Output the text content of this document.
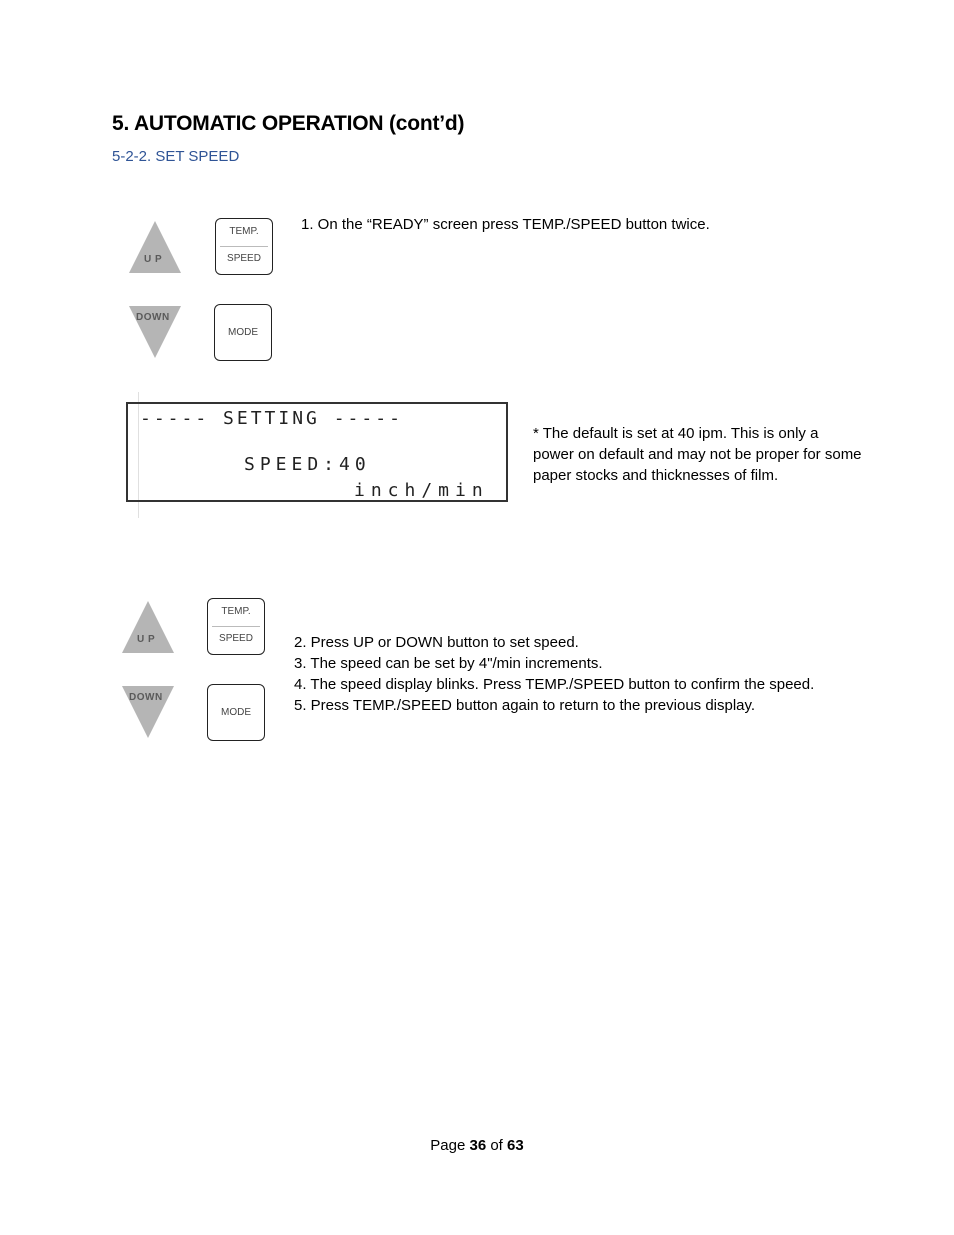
5. AUTOMATIC OPERATION (cont’d)
5-2-2. SET SPEED
U P
TEMP.
SPEED
DOWN
MODE
1. On the “READY” screen press TEMP./SPEED button twice.
----- SETTING -----
SPEED:40
inch/min
* The default is set at 40 ipm. This is only a power on default and may not be proper for some paper stocks and thicknesses of film.
U P
TEMP.
SPEED
DOWN
MODE
2. Press UP or DOWN button to set speed.
3. The speed can be set by 4"/min increments.
4. The speed display blinks. Press TEMP./SPEED button to confirm the speed.
5. Press TEMP./SPEED button again to return to the previous display.
Page 36 of 63
